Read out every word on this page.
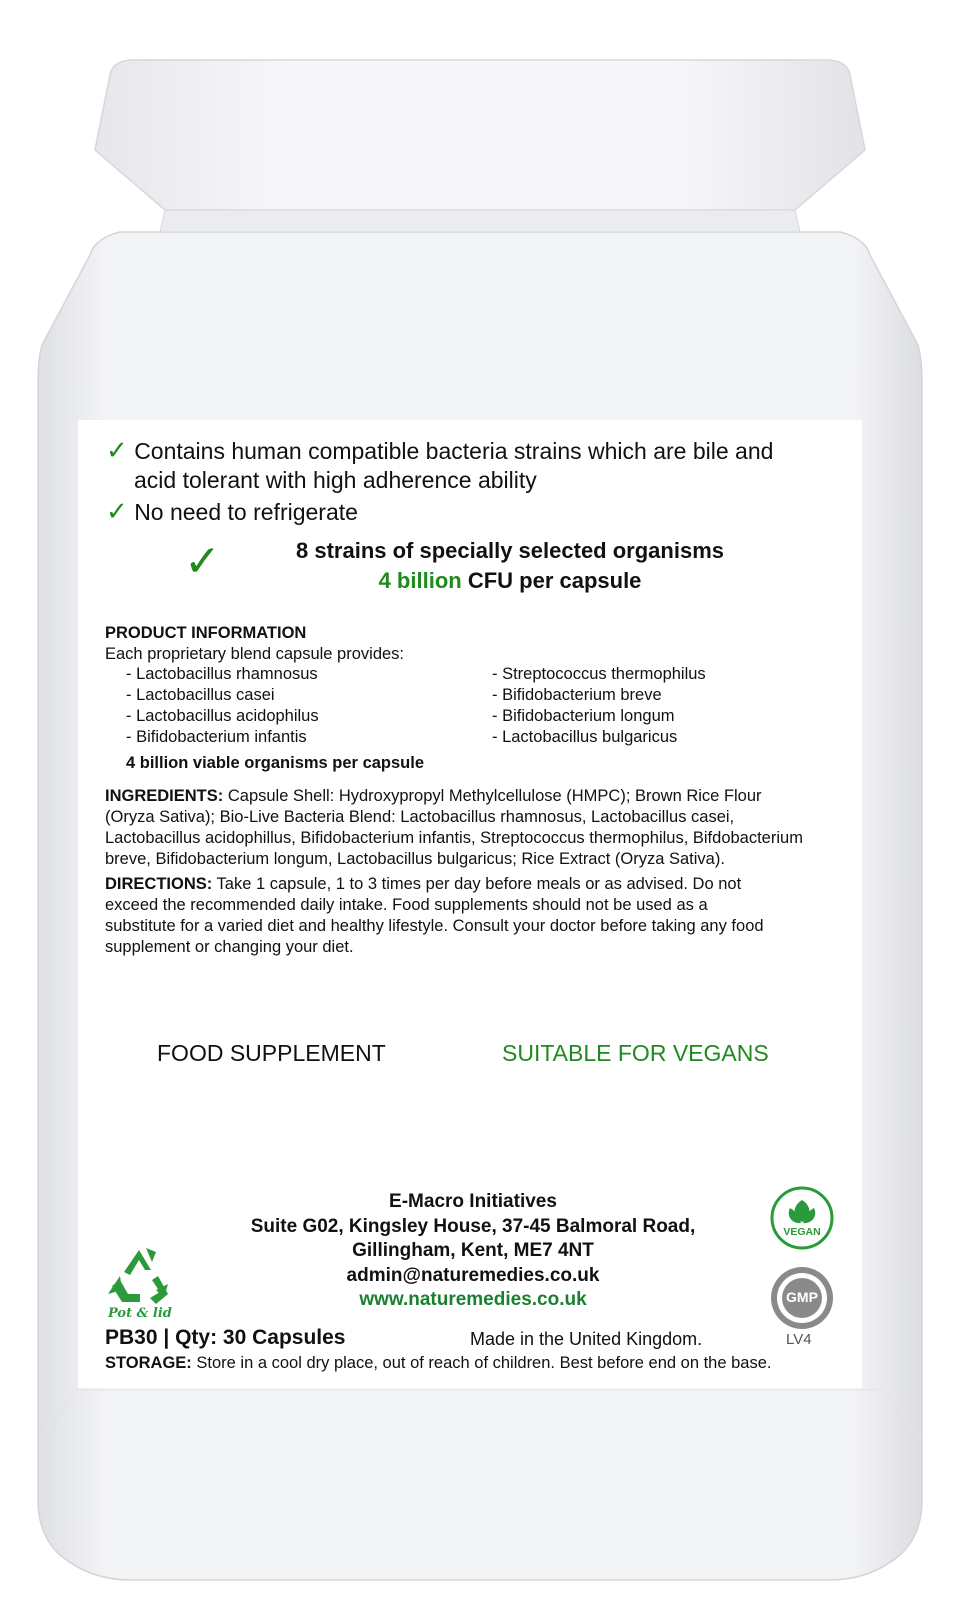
✓ Contains human compatible bacteria strains which are bile and
acid tolerant with high adherence ability
✓ No need to refrigerate
✓	8 strains of specially selected organisms
4 billion CFU per capsule
PRODUCT INFORMATION
Each proprietary blend capsule provides:
- Lactobacillus rhamnosus
- Lactobacillus casei
- Lactobacillus acidophilus
- Bifidobacterium infantis
- Streptococcus thermophilus
- Bifidobacterium breve
- Bifidobacterium longum
- Lactobacillus bulgaricus
4 billion viable organisms per capsule
INGREDIENTS: Capsule Shell: Hydroxypropyl Methylcellulose (HMPC); Brown Rice Flour
(Oryza Sativa); Bio-Live Bacteria Blend: Lactobacillus rhamnosus, Lactobacillus casei,
Lactobacillus acidophillus, Bifidobacterium infantis, Streptococcus thermophilus, Bifdobacterium
breve, Bifidobacterium longum, Lactobacillus bulgaricus; Rice Extract (Oryza Sativa).
DIRECTIONS: Take 1 capsule, 1 to 3 times per day before meals or as advised. Do not
exceed the recommended daily intake. Food supplements should not be used as a
substitute for a varied diet and healthy lifestyle. Consult your doctor before taking any food
supplement or changing your diet.
FOOD SUPPLEMENT	SUITABLE FOR VEGANS
E-Macro Initiatives
Suite G02, Kingsley House, 37-45 Balmoral Road,
Gillingham, Kent, ME7 4NT
admin@naturemedies.co.uk
www.naturemedies.co.uk
Pot & lid
VEGAN
GMP
PB30 | Qty: 30 Capsules	Made in the United Kingdom.	LV4
STORAGE: Store in a cool dry place, out of reach of children. Best before end on the base.
